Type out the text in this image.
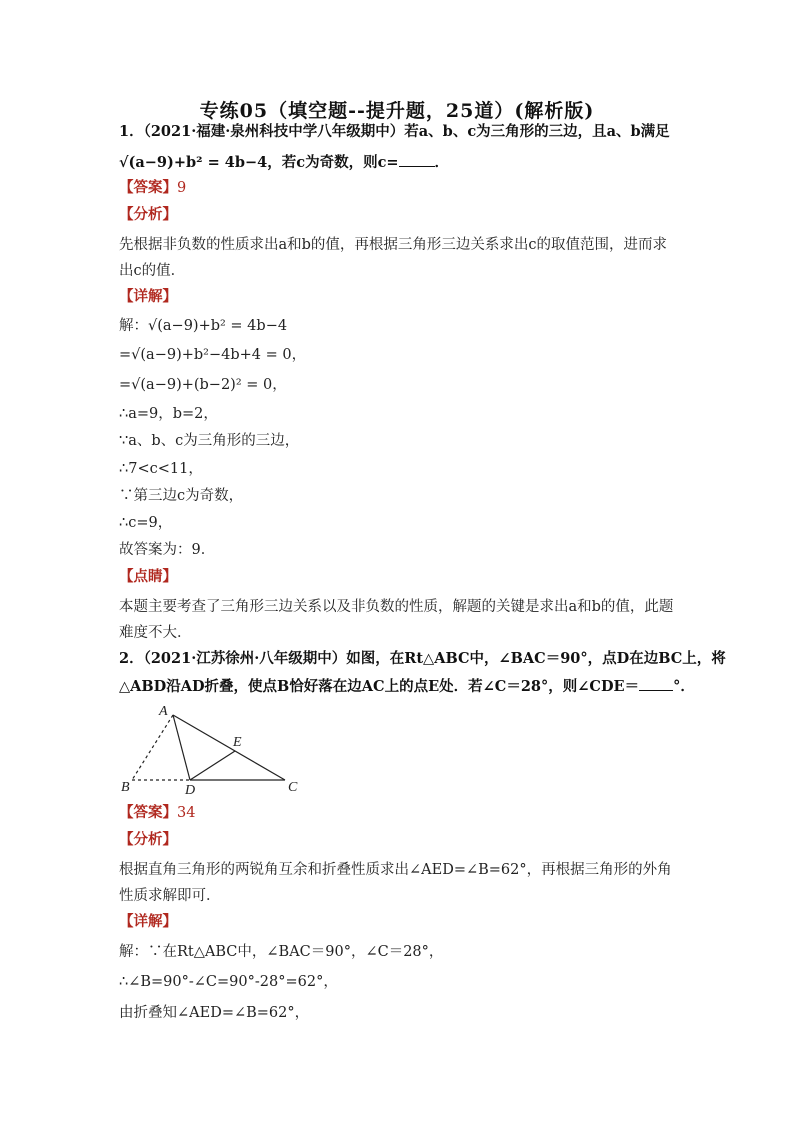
专练05（填空题--提升题，25道）(解析版)
1．（2021·福建·泉州科技中学八年级期中）若a、b、c为三角形的三边，且a、b满足
√(a−9)+b² = 4b−4，若c为奇数，则c= ．
【答案】9
【分析】
先根据非负数的性质求出a和b的值，再根据三角形三边关系求出c的取值范围，进而求出c的值．
【详解】
解：√(a−9)+b² = 4b−4
=√(a−9)+b²−4b+4 = 0，
=√(a−9)+(b−2)² = 0，
∴a=9，b=2，
∵a、b、c为三角形的三边，
∴7<c<11，
∵第三边c为奇数，
∴c=9，
故答案为：9．
【点睛】
本题主要考查了三角形三边关系以及非负数的性质，解题的关键是求出a和b的值，此题难度不大．
2．（2021·江苏徐州·八年级期中）如图，在Rt△ABC中，∠BAC＝90°，点D在边BC上，将
△ABD沿AD折叠，使点B恰好落在边AC上的点E处．若∠C＝28°，则∠CDE＝ °．
A
E
B	D	C
【答案】34
【分析】
根据直角三角形的两锐角互余和折叠性质求出∠AED=∠B=62°，再根据三角形的外角性质求解即可．
【详解】
解：∵在Rt△ABC中，∠BAC＝90°，∠C＝28°，
∴∠B=90°-∠C=90°-28°=62°，
由折叠知∠AED=∠B=62°，
